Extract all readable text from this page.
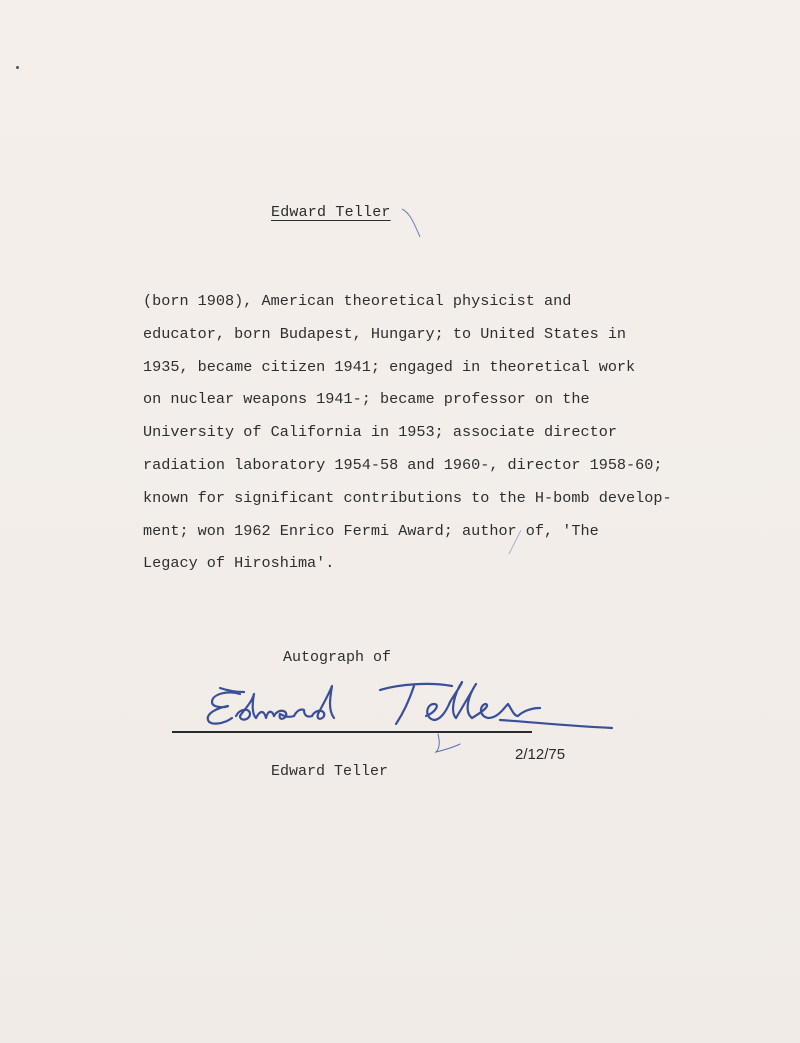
Edward Teller
(born 1908), American theoretical physicist and
educator, born Budapest, Hungary; to United States in
1935, became citizen 1941; engaged in theoretical work
on nuclear weapons 1941-; became professor on the
University of California in 1953; associate director
radiation laboratory 1954-58 and 1960-, director 1958-60;
known for significant contributions to the H-bomb develop-
ment; won 1962 Enrico Fermi Award; author of, 'The
Legacy of Hiroshima'.
Autograph of
2/12/75
Edward Teller
